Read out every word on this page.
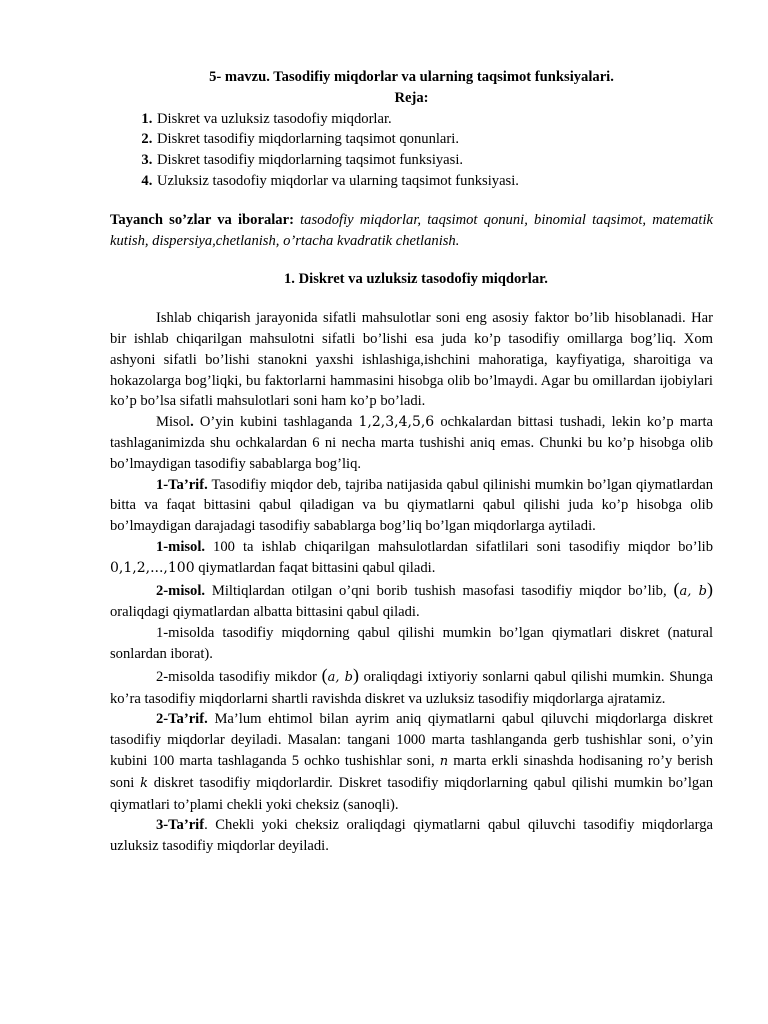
5- mavzu. Tasodifiy miqdorlar va ularning taqsimot funksiyalari.
Reja:
1. Diskret va uzluksiz tasodofiy miqdorlar.
2. Diskret tasodifiy miqdorlarning taqsimot qonunlari.
3. Diskret tasodifiy miqdorlarning taqsimot funksiyasi.
4. Uzluksiz tasodofiy miqdorlar va ularning taqsimot funksiyasi.
Tayanch so’zlar va iboralar: tasodofiy miqdorlar, taqsimot qonuni, binomial taqsimot, matematik kutish, dispersiya,chetlanish, o’rtacha kvadratik chetlanish.
1. Diskret va uzluksiz tasodofiy miqdorlar.

Ishlab chiqarish jarayonida sifatli mahsulotlar soni eng asosiy faktor bo’lib hisoblanadi. Har bir ishlab chiqarilgan mahsulotni sifatli bo’lishi esa juda ko’p tasodifiy omillarga bog’liq. Xom ashyoni sifatli bo’lishi stanokni yaxshi ishlashiga,ishchini mahoratiga, kayfiyatiga, sharoitiga va hokazolarga bog’liqki, bu faktorlarni hammasini hisobga olib bo’lmaydi. Agar bu omillardan ijobiylari ko’p bo’lsa sifatli mahsulotlari soni ham ko’p bo’ladi.

Misol. O’yin kubini tashlaganda 1,2,3,4,5,6 ochkalardan bittasi tushadi, lekin ko’p marta tashlaganimizda shu ochkalardan 6 ni necha marta tushishi aniq emas. Chunki bu ko’p hisobga olib bo’lmaydigan tasodifiy sabablarga bog’liq.

1-Ta’rif. Tasodifiy miqdor deb, tajriba natijasida qabul qilinishi mumkin bo’lgan qiymatlardan bitta va faqat bittasini qabul qiladigan va bu qiymatlarni qabul qilishi juda ko’p hisobga olib bo’lmaydigan darajadagi tasodifiy sabablarga bog’liq bo’lgan miqdorlarga aytiladi.

1-misol. 100 ta ishlab chiqarilgan mahsulotlardan sifatlilari soni tasodifiy miqdor bo’lib 0,1,2,...,100 qiymatlardan faqat bittasini qabul qiladi.

2-misol. Miltiqlardan otilgan o’qni borib tushish masofasi tasodifiy miqdor bo’lib, (a, b) oraliqdagi qiymatlardan albatta bittasini qabul qiladi.

1-misolda tasodifiy miqdorning qabul qilishi mumkin bo’lgan qiymatlari diskret (natural sonlardan iborat).

2-misolda tasodifiy mikdor (a, b) oraliqdagi ixtiyoriy sonlarni qabul qilishi mumkin. Shunga ko’ra tasodifiy miqdorlarni shartli ravishda diskret va uzluksiz tasodifiy miqdorlarga ajratamiz.

2-Ta’rif. Ma’lum ehtimol bilan ayrim aniq qiymatlarni qabul qiluvchi miqdorlarga diskret tasodifiy miqdorlar deyiladi. Masalan: tangani 1000 marta tashlanganda gerb tushishlar soni, o’yin kubini 100 marta tashlaganda 5 ochko tushishlar soni, n marta erkli sinashda hodisaning ro’y berish soni k diskret tasodifiy miqdorlardir. Diskret tasodifiy miqdorlarning qabul qilishi mumkin bo’lgan qiymatlari to’plami chekli yoki cheksiz (sanoqli).

3-Ta’rif. Chekli yoki cheksiz oraliqdagi qiymatlarni qabul qiluvchi tasodifiy miqdorlarga uzluksiz tasodifiy miqdorlar deyiladi.
